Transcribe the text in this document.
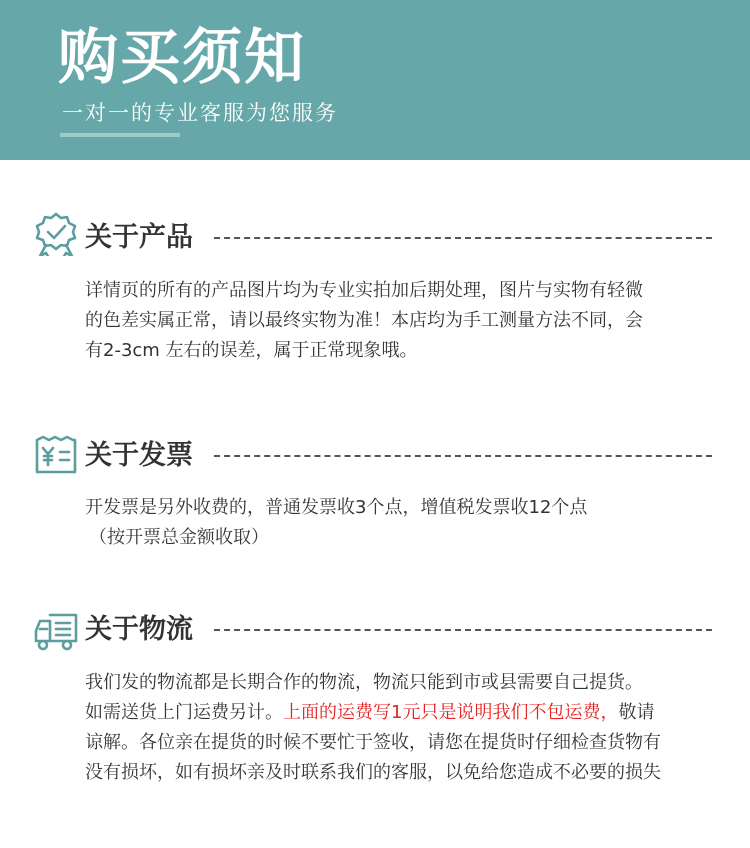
购买须知
一对一的专业客服为您服务
关于产品
详情页的所有的产品图片均为专业实拍加后期处理，图片与实物有轻微
的色差实属正常，请以最终实物为准！本店均为手工测量方法不同，会
有2-3cm 左右的误差，属于正常现象哦。
关于发票
开发票是另外收费的，普通发票收3个点，增值税发票收12个点
（按开票总金额收取）
关于物流
我们发的物流都是长期合作的物流，物流只能到市或县需要自己提货。
如需送货上门运费另计。上面的运费写1元只是说明我们不包运费，敬请
谅解。各位亲在提货的时候不要忙于签收，请您在提货时仔细检查货物有
没有损坏，如有损坏亲及时联系我们的客服，以免给您造成不必要的损失
